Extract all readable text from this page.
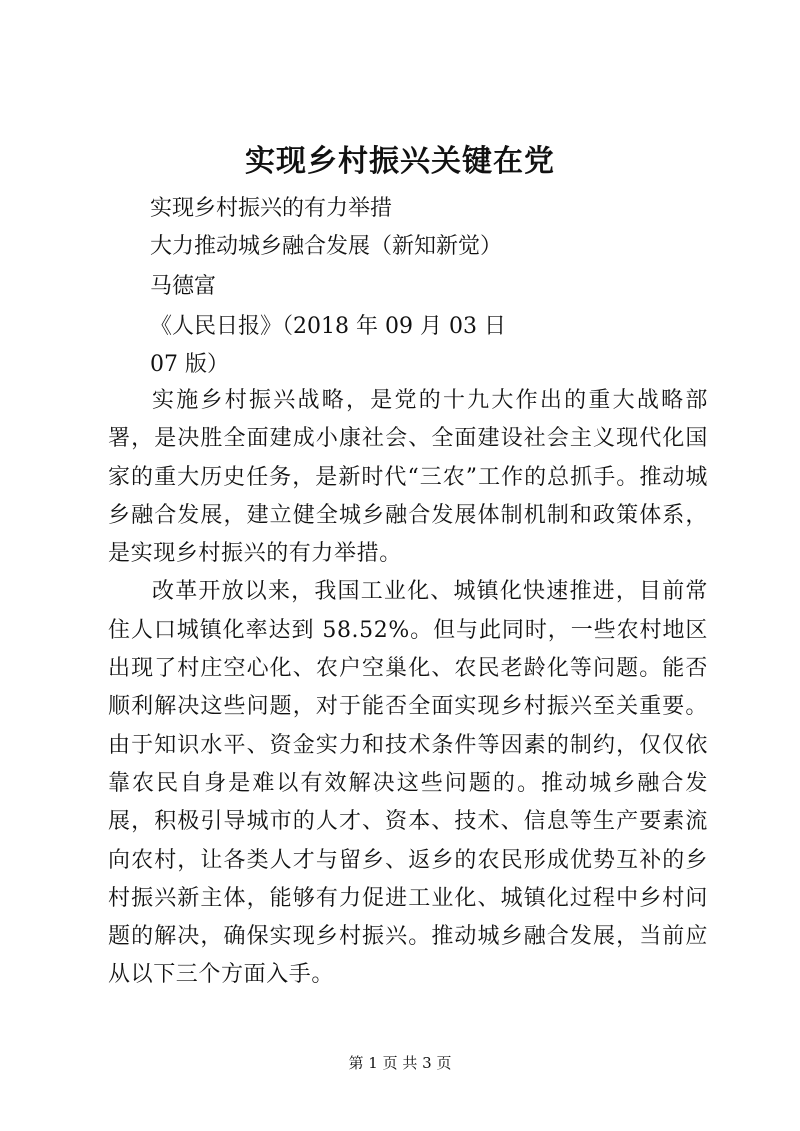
实现乡村振兴关键在党
实现乡村振兴的有力举措
大力推动城乡融合发展（新知新觉）
马德富
《人民日报》（2018 年 09 月 03 日
07 版）

实施乡村振兴战略，是党的十九大作出的重大战略部署，是决胜全面建成小康社会、全面建设社会主义现代化国家的重大历史任务，是新时代“三农”工作的总抓手。推动城乡融合发展，建立健全城乡融合发展体制机制和政策体系，是实现乡村振兴的有力举措。

改革开放以来，我国工业化、城镇化快速推进，目前常住人口城镇化率达到 58.52%。但与此同时，一些农村地区出现了村庄空心化、农户空巢化、农民老龄化等问题。能否顺利解决这些问题，对于能否全面实现乡村振兴至关重要。由于知识水平、资金实力和技术条件等因素的制约，仅仅依靠农民自身是难以有效解决这些问题的。推动城乡融合发展，积极引导城市的人才、资本、技术、信息等生产要素流向农村，让各类人才与留乡、返乡的农民形成优势互补的乡村振兴新主体，能够有力促进工业化、城镇化过程中乡村问题的解决，确保实现乡村振兴。推动城乡融合发展，当前应从以下三个方面入手。

第 1 页 共 3 页
